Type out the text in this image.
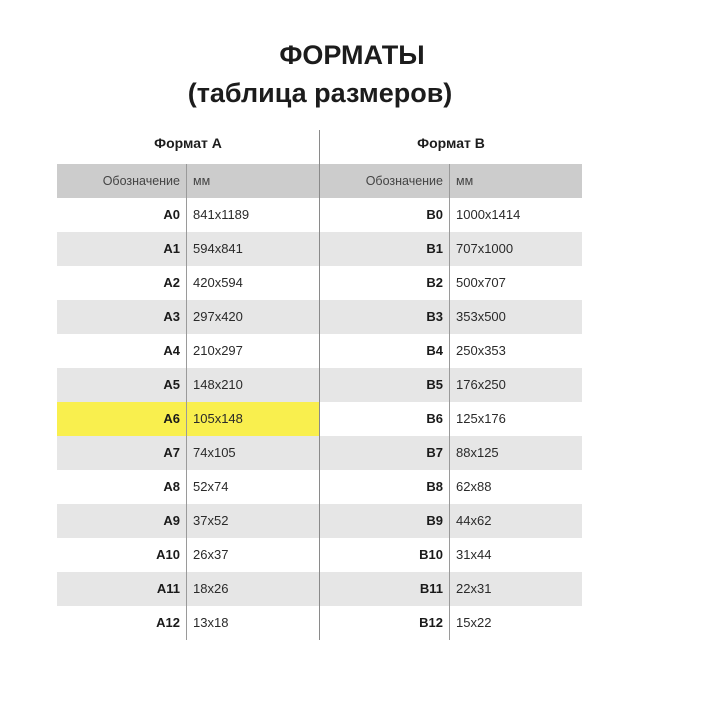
ФОРМАТЫ
(таблица размеров)
Формат A
Обозначение	мм
A0	841x1189
A1	594x841
A2	420x594
A3	297x420
A4	210x297
A5	148x210
A6	105x148
A7	74x105
A8	52x74
A9	37x52
A10	26x37
A11	18x26
A12	13x18
Формат B
Обозначение	мм
B0	1000x1414
B1	707x1000
B2	500x707
B3	353x500
B4	250x353
B5	176x250
B6	125x176
B7	88x125
B8	62x88
B9	44x62
B10	31x44
B11	22x31
B12	15x22
